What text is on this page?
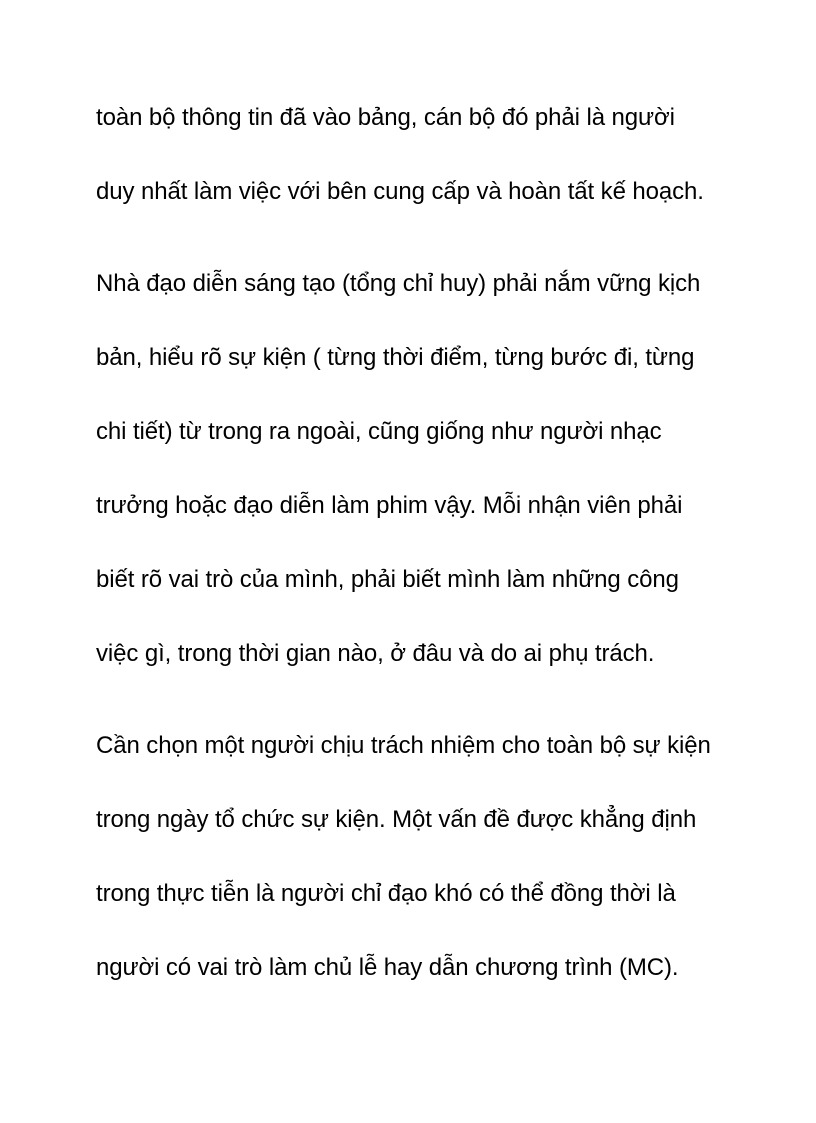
toàn bộ thông tin đã vào bảng, cán bộ đó phải là người

duy nhất làm việc với bên cung cấp và hoàn tất kế hoạch.

Nhà đạo diễn sáng tạo (tổng chỉ huy) phải nắm vững kịch

bản, hiểu rõ sự kiện ( từng thời điểm, từng bước đi, từng

chi tiết) từ trong ra ngoài, cũng giống như người nhạc

trưởng hoặc đạo diễn làm phim vậy. Mỗi nhận viên phải

biết rõ vai trò của mình, phải biết mình làm những công

việc gì, trong thời gian nào, ở đâu và do ai phụ trách.

Cần chọn một người chịu trách nhiệm cho toàn bộ sự kiện

trong ngày tổ chức sự kiện. Một vấn đề được khẳng định

trong thực tiễn là người chỉ đạo khó có thể đồng thời là

người có vai trò làm chủ lễ hay dẫn chương trình (MC).
